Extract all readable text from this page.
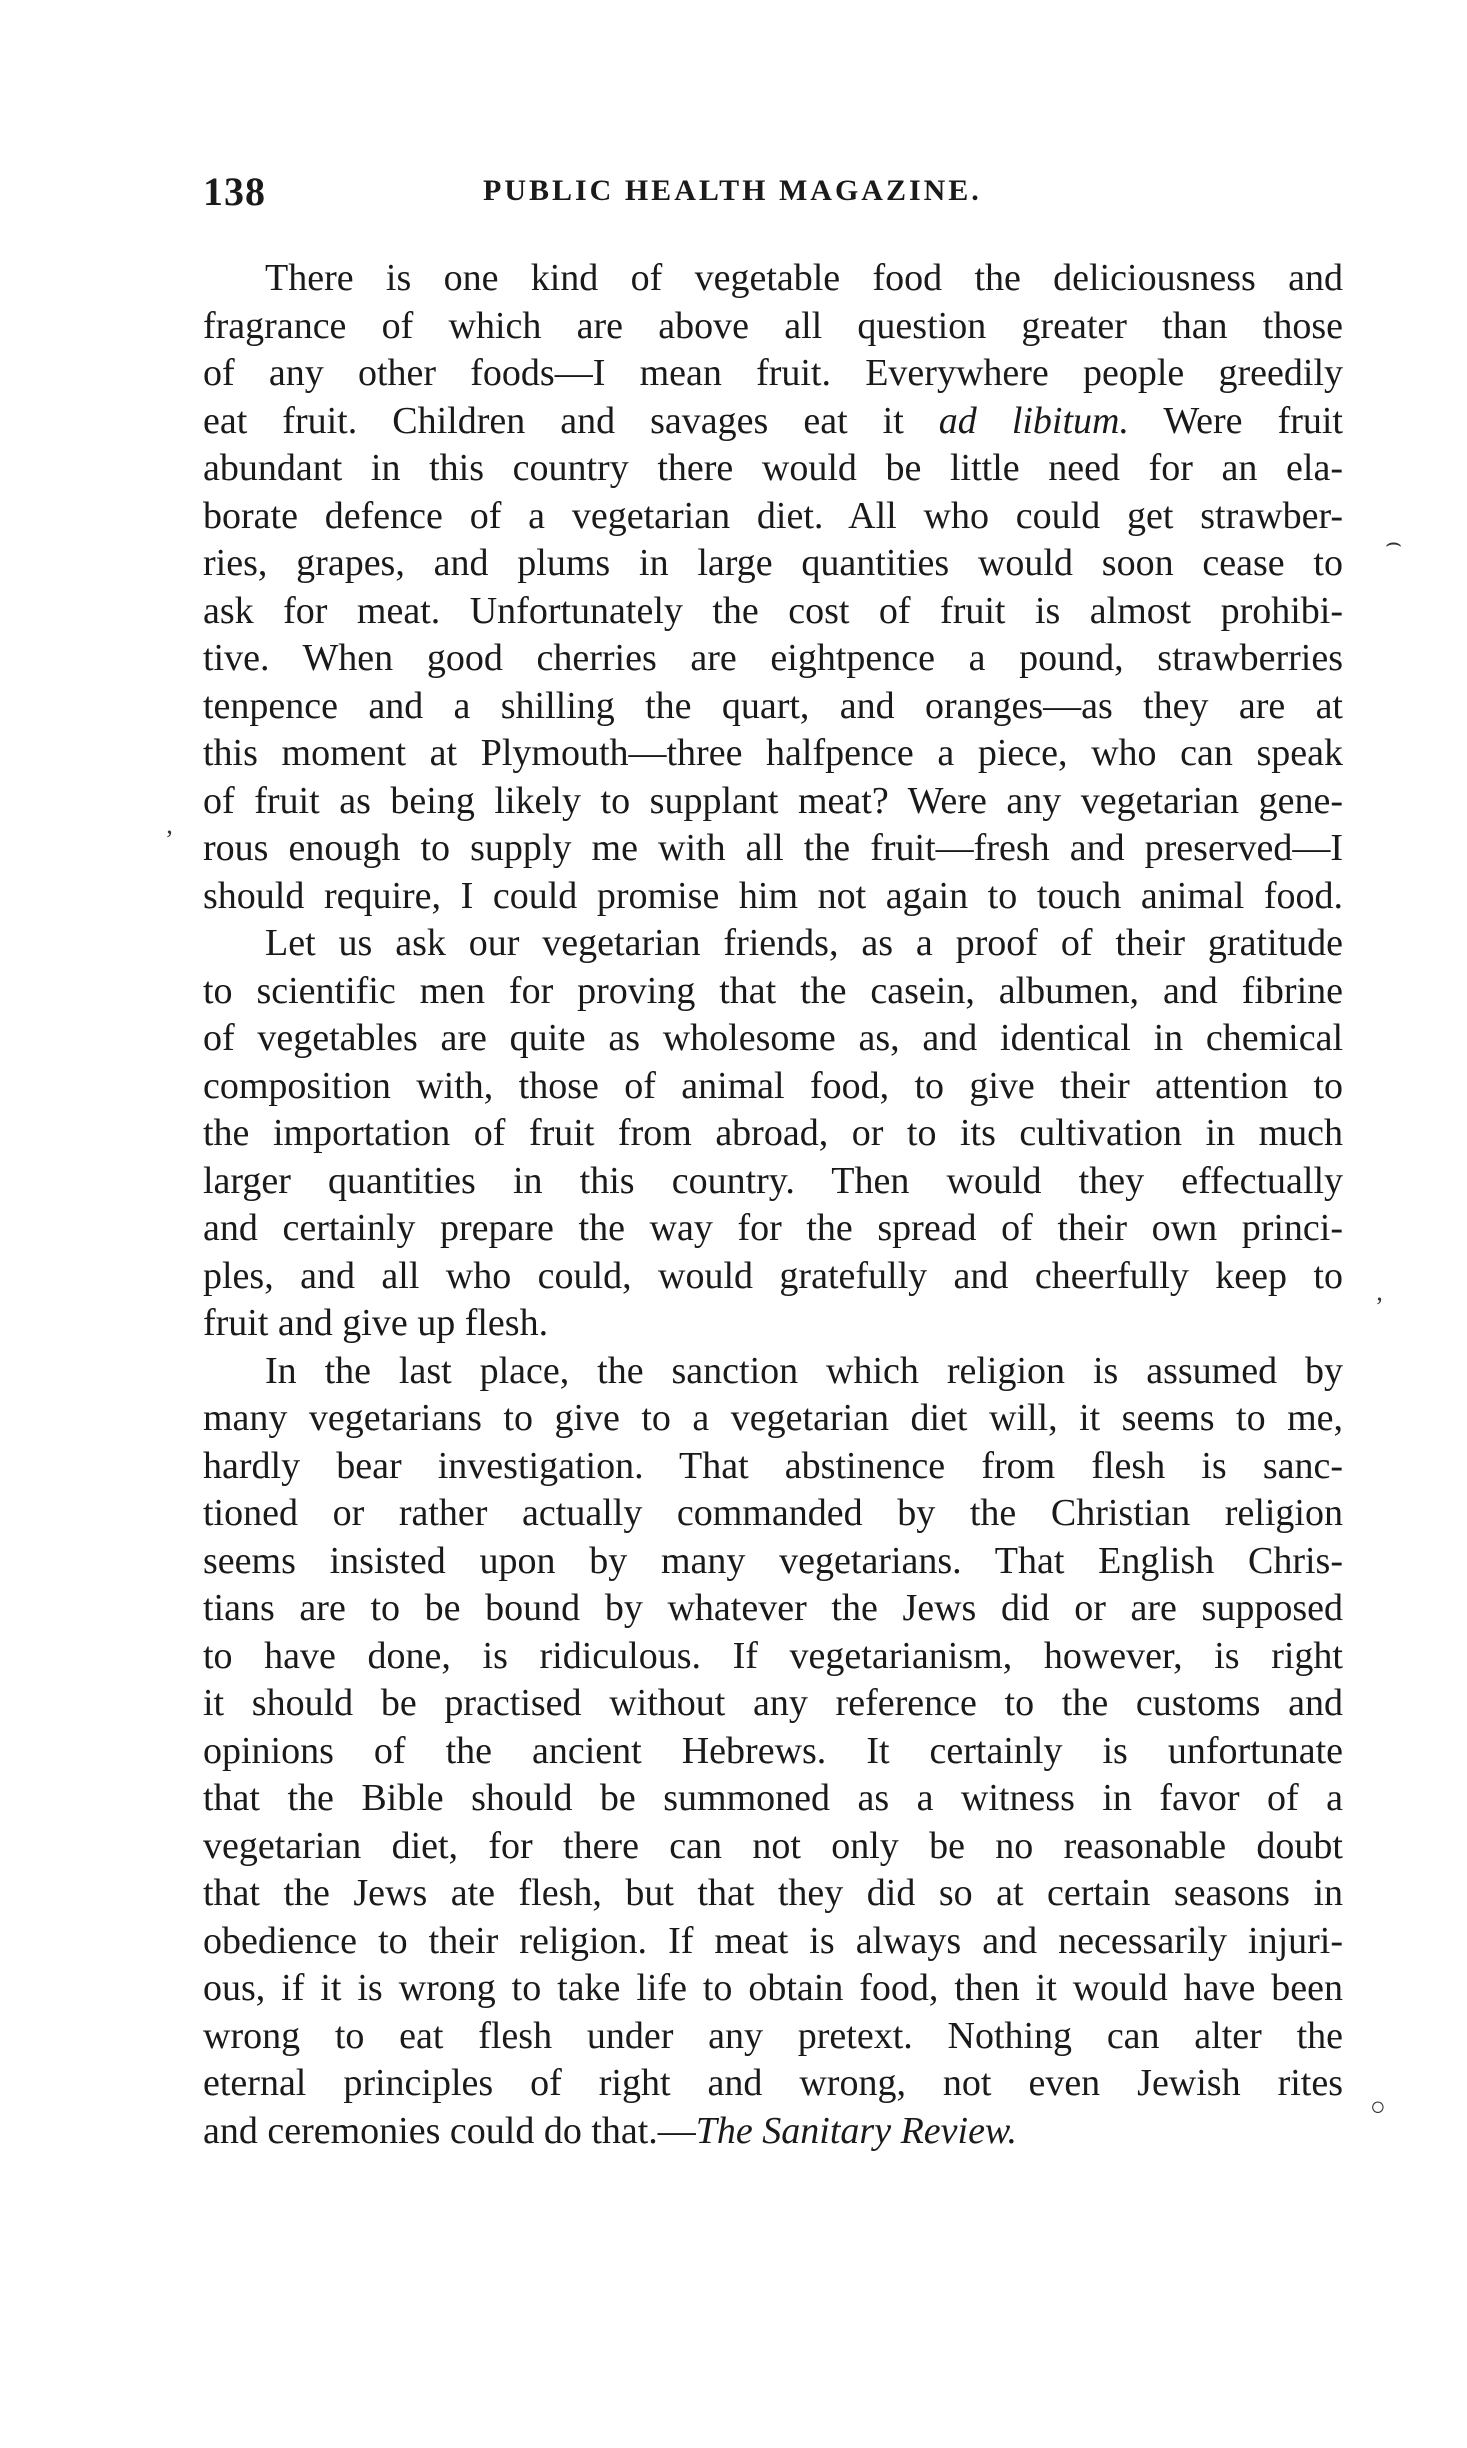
138	PUBLIC HEALTH MAGAZINE.
There is one kind of vegetable food the deliciousness and
fragrance of which are above all question greater than those
of any other foods—I mean fruit. Everywhere people greedily
eat fruit. Children and savages eat it ad libitum. Were fruit
abundant in this country there would be little need for an ela-
borate defence of a vegetarian diet. All who could get strawber-
ries, grapes, and plums in large quantities would soon cease to
ask for meat. Unfortunately the cost of fruit is almost prohibi-
tive. When good cherries are eightpence a pound, strawberries
tenpence and a shilling the quart, and oranges—as they are at
this moment at Plymouth—three halfpence a piece, who can speak
of fruit as being likely to supplant meat? Were any vegetarian gene-
rous enough to supply me with all the fruit—fresh and preserved—I
should require, I could promise him not again to touch animal food.
Let us ask our vegetarian friends, as a proof of their gratitude
to scientific men for proving that the casein, albumen, and fibrine
of vegetables are quite as wholesome as, and identical in chemical
composition with, those of animal food, to give their attention to
the importation of fruit from abroad, or to its cultivation in much
larger quantities in this country. Then would they effectually
and certainly prepare the way for the spread of their own princi-
ples, and all who could, would gratefully and cheerfully keep to
fruit and give up flesh.
In the last place, the sanction which religion is assumed by
many vegetarians to give to a vegetarian diet will, it seems to me,
hardly bear investigation. That abstinence from flesh is sanc-
tioned or rather actually commanded by the Christian religion
seems insisted upon by many vegetarians. That English Chris-
tians are to be bound by whatever the Jews did or are supposed
to have done, is ridiculous. If vegetarianism, however, is right
it should be practised without any reference to the customs and
opinions of the ancient Hebrews. It certainly is unfortunate
that the Bible should be summoned as a witness in favor of a
vegetarian diet, for there can not only be no reasonable doubt
that the Jews ate flesh, but that they did so at certain seasons in
obedience to their religion. If meat is always and necessarily injuri-
ous, if it is wrong to take life to obtain food, then it would have been
wrong to eat flesh under any pretext. Nothing can alter the
eternal principles of right and wrong, not even Jewish rites
and ceremonies could do that.—The Sanitary Review.
⌢
ʼ
ʼ
○
